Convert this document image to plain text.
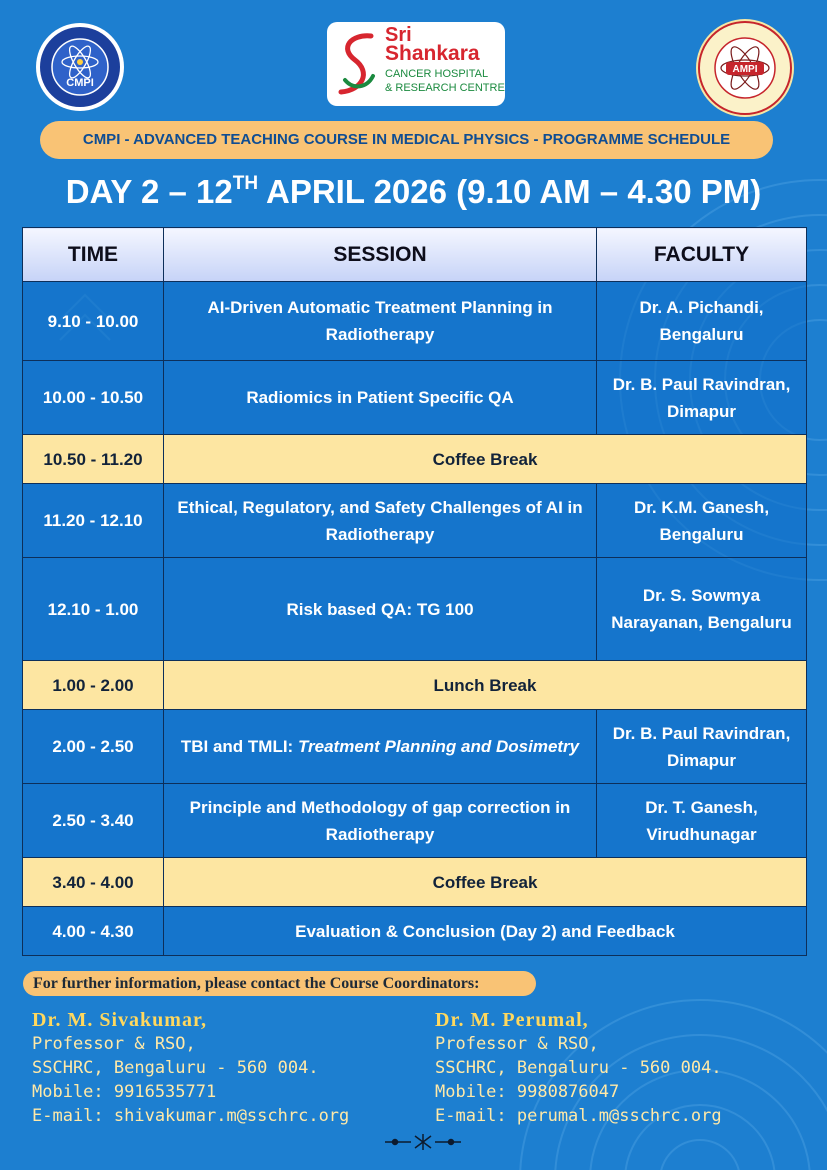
CMPI
Sri
Shankara
CANCER HOSPITAL
& RESEARCH CENTRE
AMPI
CMPI - ADVANCED TEACHING COURSE IN MEDICAL PHYSICS - PROGRAMME SCHEDULE
DAY 2 – 12TH APRIL 2026 (9.10 AM – 4.30 PM)
TIME	SESSION	FACULTY
9.10 - 10.00	AI-Driven Automatic Treatment Planning in Radiotherapy	Dr. A. Pichandi, Bengaluru
10.00 - 10.50	Radiomics in Patient Specific QA	Dr. B. Paul Ravindran, Dimapur
10.50 - 11.20	Coffee Break	
11.20 - 12.10	Ethical, Regulatory, and Safety Challenges of AI in Radiotherapy	Dr. K.M. Ganesh, Bengaluru
12.10 - 1.00	Risk based QA: TG 100	Dr. S. Sowmya Narayanan, Bengaluru
1.00 - 2.00	Lunch Break	
2.00 - 2.50	TBI and TMLI: Treatment Planning and Dosimetry	Dr. B. Paul Ravindran, Dimapur
2.50 - 3.40	Principle and Methodology of gap correction in Radiotherapy	Dr. T. Ganesh, Virudhunagar
3.40 - 4.00	Coffee Break	
4.00 - 4.30	Evaluation & Conclusion (Day 2) and Feedback	
For further information, please contact the Course Coordinators:
Dr. M. Sivakumar,
Professor & RSO,
SSCHRC, Bengaluru - 560 004.
Mobile: 9916535771
E-mail: shivakumar.m@sschrc.org
Dr. M. Perumal,
Professor & RSO,
SSCHRC, Bengaluru - 560 004.
Mobile: 9980876047
E-mail: perumal.m@sschrc.org
